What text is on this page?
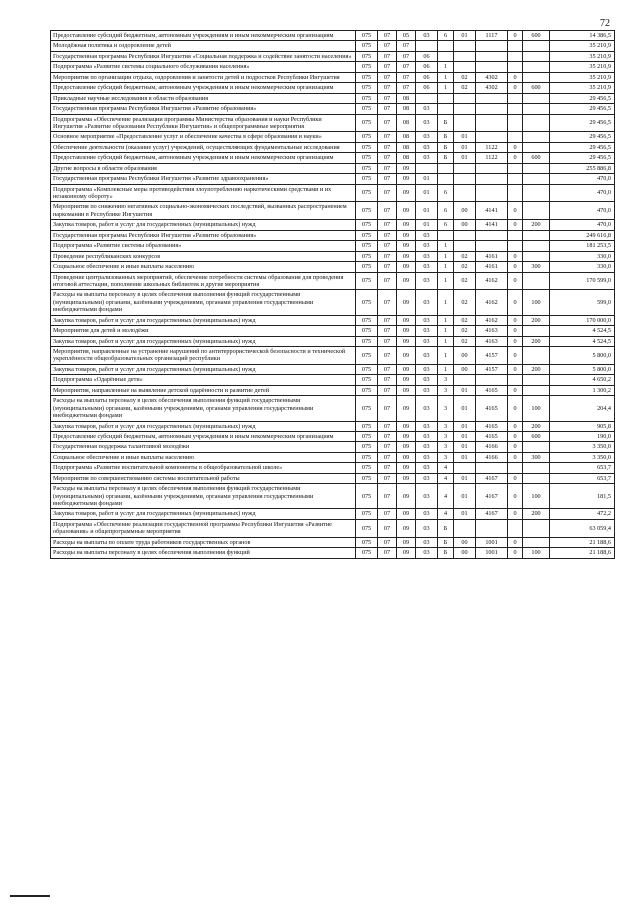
72
Предоставление субсидий бюджетным, автономным учреждениям и иным некоммерческим организациям	075	07	05	03	6	01	1117	0	600	14 386,5
Молодёжная политика и оздоровление детей	075	07	07							35 210,9
Государственная программа Республики Ингушетия «Социальная поддержка и содействие занятости населения»	075	07	07	06						35 210,9
Подпрограмма «Развитие системы социального обслуживания населения»	075	07	07	06	1					35 210,9
Мероприятия по организации отдыха, оздоровления и занятости детей и подростков Республики Ингушетия	075	07	07	06	1	02	4302	0		35 210,9
Предоставление субсидий бюджетным, автономным учреждениям и иным некоммерческим организациям	075	07	07	06	1	02	4302	0	600	35 210,9
Прикладные научные исследования в области образования	075	07	08							29 456,5
Государственная программа Республики Ингушетия «Развитие образования»	075	07	08	03						29 456,5
Подпрограмма «Обеспечение реализации программы Министерства образования и науки Республики Ингушетия «Развитие образования Республики Ингушетия» и общепрограммные мероприятия	075	07	08	03	Б					29 456,5
Основное мероприятие «Предоставление услуг и обеспечение качества в сфере образования и науки»	075	07	08	03	Б	01				29 456,5
Обеспечение деятельности (оказание услуг) учреждений, осуществляющих фундаментальные исследования	075	07	08	03	Б	01	1122	0		29 456,5
Предоставление субсидий бюджетным, автономным учреждениям и иным некоммерческим организациям	075	07	08	03	Б	01	1122	0	600	29 456,5
Другие вопросы в области образования	075	07	09							255 886,8
Государственная программа Республики Ингушетия «Развитие здравоохранения»	075	07	09	01						470,0
Подпрограмма «Комплексные меры противодействия злоупотреблению наркотическими средствами и их незаконному обороту»	075	07	09	01	6					470,0
Мероприятия по снижению негативных социально-экономических последствий, вызванных распространением наркомании в Республике Ингушетия	075	07	09	01	6	00	4141	0		470,0
Закупка товаров, работ и услуг для государственных (муниципальных) нужд	075	07	09	01	6	00	4141	0	200	470,0
Государственная программа Республики Ингушетия «Развитие образования»	075	07	09	03						249 616,8
Подпрограмма «Развитие системы образования»	075	07	09	03	1					181 253,5
Проведение республиканских конкурсов	075	07	09	03	1	02	4161	0		330,0
Социальное обеспечение и иные выплаты населению	075	07	09	03	1	02	4161	0	300	330,0
Проведение централизованных мероприятий, обеспечение потребности системы образования для проведения итоговой аттестации, пополнение школьных библиотек и другие мероприятия	075	07	09	03	1	02	4162	0		170 599,0
Расходы на выплаты персоналу в целях обеспечения выполнения функций государственными (муниципальными) органами, казёнными учреждениями, органами управления государственными внебюджетными фондами	075	07	09	03	1	02	4162	0	100	599,0
Закупка товаров, работ и услуг для государственных (муниципальных) нужд	075	07	09	03	1	02	4162	0	200	170 000,0
Мероприятия для детей и молодёжи	075	07	09	03	1	02	4163	0		4 524,5
Закупка товаров, работ и услуг для государственных (муниципальных) нужд	075	07	09	03	1	02	4163	0	200	4 524,5
Мероприятия, направленные на устранение нарушений по антитеррористической безопасности и технической укреплённости общеобразовательных организаций республики	075	07	09	03	1	00	4157	0		5 800,0
Закупка товаров, работ и услуг для государственных (муниципальных) нужд	075	07	09	03	1	00	4157	0	200	5 800,0
Подпрограмма «Одарённые дети»	075	07	09	03	3					4 650,2
Мероприятия, направленные на выявление детской одарённости и развитие детей	075	07	09	03	3	01	4165	0		1 300,2
Расходы на выплаты персоналу в целях обеспечения выполнения функций государственными (муниципальными) органами, казёнными учреждениями, органами управления государственными внебюджетными фондами	075	07	09	03	3	01	4165	0	100	204,4
Закупка товаров, работ и услуг для государственных (муниципальных) нужд	075	07	09	03	3	01	4165	0	200	905,8
Предоставление субсидий бюджетным, автономным учреждениям и иным некоммерческим организациям	075	07	09	03	3	01	4165	0	600	190,0
Государственная поддержка талантливой молодёжи	075	07	09	03	3	01	4166	0		3 350,0
Социальное обеспечение и иные выплаты населению	075	07	09	03	3	01	4166	0	300	3 350,0
Подпрограмма «Развитие воспитательной компоненты в общеобразовательной школе»	075	07	09	03	4					653,7
Мероприятия по совершенствованию системы воспитательной работы	075	07	09	03	4	01	4167	0		653,7
Расходы на выплаты персоналу в целях обеспечения выполнения функций государственными (муниципальными) органами, казёнными учреждениями, органами управления государственными внебюджетными фондами	075	07	09	03	4	01	4167	0	100	181,5
Закупка товаров, работ и услуг для государственных (муниципальных) нужд	075	07	09	03	4	01	4167	0	200	472,2
Подпрограмма «Обеспечение реализации государственной программы Республики Ингушетия «Развитие образования» и общепрограммные мероприятия	075	07	09	03	Б					63 059,4
Расходы на выплаты по оплате труда работников государственных органов	075	07	09	03	Б	00	1001	0		21 188,6
Расходы на выплаты персоналу в целях обеспечения выполнения функций	075	07	09	03	Б	00	1001	0	100	21 188,6
